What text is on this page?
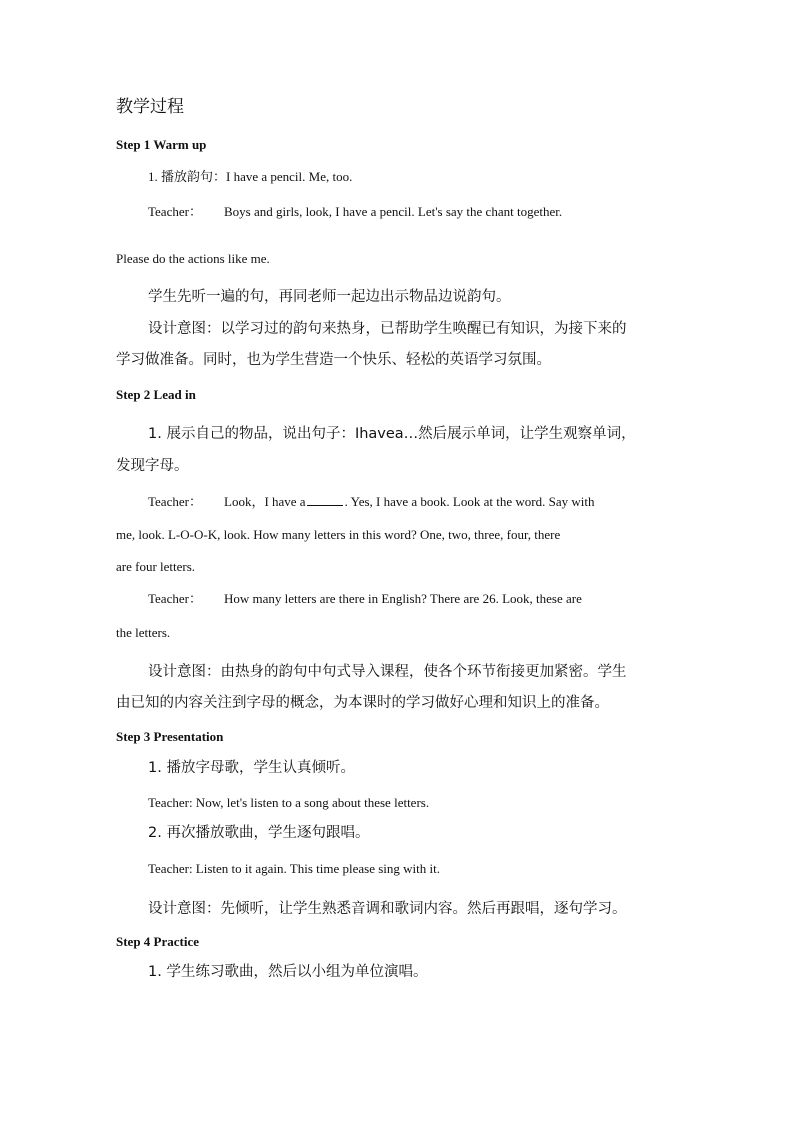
教学过程
Step 1 Warm up
1. 播放韵句：I have a pencil. Me, too.
Teacher： Boys and girls, look, I have a pencil. Let's say the chant together.
Please do the actions like me.
学生先听一遍的句，再同老师一起边出示物品边说韵句。
设计意图：以学习过的韵句来热身，已帮助学生唤醒已有知识，为接下来的
学习做准备。同时，也为学生营造一个快乐、轻松的英语学习氛围。
Step 2 Lead in
1. 展示自己的物品，说出句子：Ihavea…然后展示单词，让学生观察单词，
发现字母。
Teacher： Look，I have a	. Yes, I have a book. Look at the word. Say with
me, look. L-O-O-K, look. How many letters in this word? One, two, three, four, there
are four letters.
Teacher： How many letters are there in English? There are 26. Look, these are
the letters.
设计意图：由热身的韵句中句式导入课程，使各个环节衔接更加紧密。学生
由已知的内容关注到字母的概念，为本课时的学习做好心理和知识上的准备。
Step 3 Presentation
1. 播放字母歌，学生认真倾听。
Teacher: Now, let's listen to a song about these letters.
2. 再次播放歌曲，学生逐句跟唱。
Teacher: Listen to it again. This time please sing with it.
设计意图：先倾听，让学生熟悉音调和歌词内容。然后再跟唱，逐句学习。
Step 4 Practice
1. 学生练习歌曲，然后以小组为单位演唱。
